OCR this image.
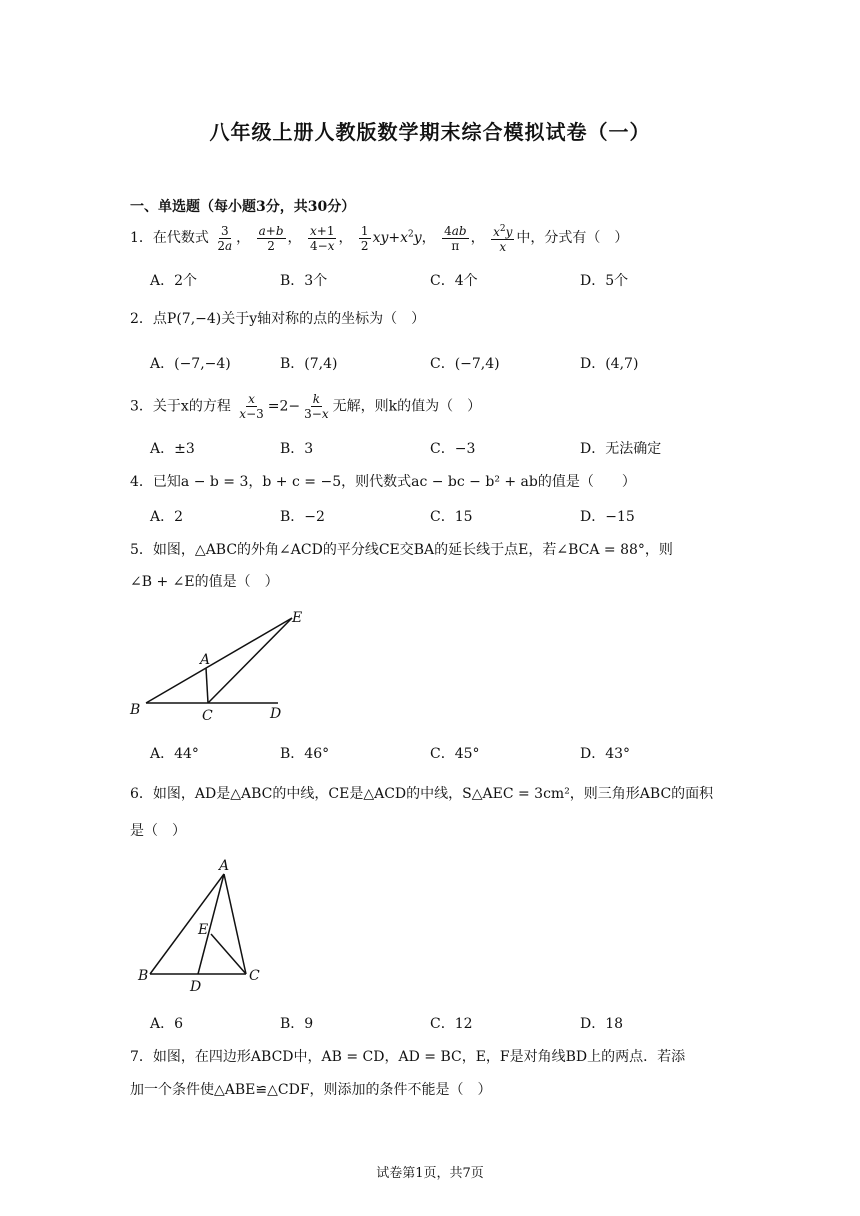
八年级上册人教版数学期末综合模拟试卷（一）
一、单选题（每小题3分，共30分）
1．在代数式 $\frac{3}{2a}$ ， $\frac{a+b}{2}$ ， $\frac{x+1}{4-x}$ ， $\frac{1}{2} xy+x^2y$， $\frac{4ab}{\pi}$ ， $\frac{x^2y}{x}$ 中，分式有（　）
A．2个	B．3个	C．4个	D．5个
2．点P(7,−4)关于y轴对称的点的坐标为（　）
A．(−7,−4)	B．(7,4)	C．(−7,4)	D．(4,7)
3．关于x的方程 $\frac{x}{x-3} =2- \frac{k}{3-x}$ 无解，则k的值为（　）
A．±3	B．3	C．−3	D．无法确定
4．已知a − b = 3，b + c = −5，则代数式ac − bc − b² + ab的值是（　　）
A．2	B．−2	C．15	D．−15
5．如图，△ABC的外角∠ACD的平分线CE交BA的延长线于点E，若∠BCA = 88°，则
∠B + ∠E的值是（　）
A
B	C	D
E
A．44°	B．46°	C．45°	D．43°
6．如图，AD是△ABC的中线，CE是△ACD的中线，S△AEC = 3cm²，则三角形ABC的面积
是（　）
A
B	C
D
E
A．6	B．9	C．12	D．18
7．如图，在四边形ABCD中，AB = CD，AD = BC，E，F是对角线BD上的两点．若添
加一个条件使△ABE≌△CDF，则添加的条件不能是（　）
试卷第1页，共7页
